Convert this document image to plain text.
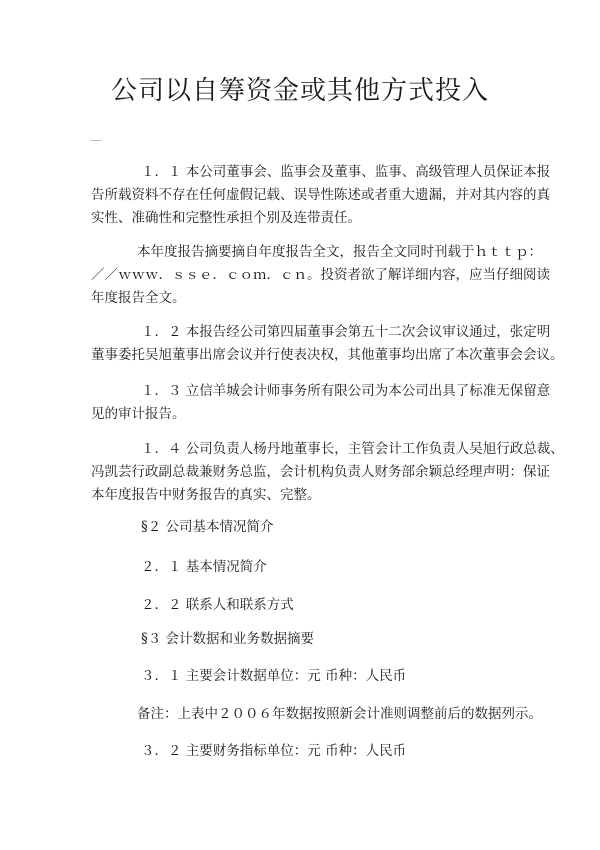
公司以自筹资金或其他方式投入
１．１ 本公司董事会、监事会及董事、监事、高级管理人员保证本报
告所载资料不存在任何虚假记载、误导性陈述或者重大遗漏，并对其内容的真
实性、准确性和完整性承担个别及连带责任。
本年度报告摘要摘自年度报告全文，报告全文同时刊载于ｈｔｔｐ：
／／ｗｗｗ．ｓｓｅ．ｃｏｍ．ｃｎ。投资者欲了解详细内容，应当仔细阅读
年度报告全文。
１．２ 本报告经公司第四届董事会第五十二次会议审议通过，张定明
董事委托吴旭董事出席会议并行使表决权，其他董事均出席了本次董事会会议。
１．３ 立信羊城会计师事务所有限公司为本公司出具了标准无保留意
见的审计报告。
１．４ 公司负责人杨丹地董事长，主管会计工作负责人吴旭行政总裁、
冯凯芸行政副总裁兼财务总监，会计机构负责人财务部余颖总经理声明：保证
本年度报告中财务报告的真实、完整。
§２ 公司基本情况简介
２．１ 基本情况简介
２．２ 联系人和联系方式
§３ 会计数据和业务数据摘要
３．１ 主要会计数据单位：元 币种：人民币
备注：上表中２００６年数据按照新会计准则调整前后的数据列示。
３．２ 主要财务指标单位：元 币种：人民币
